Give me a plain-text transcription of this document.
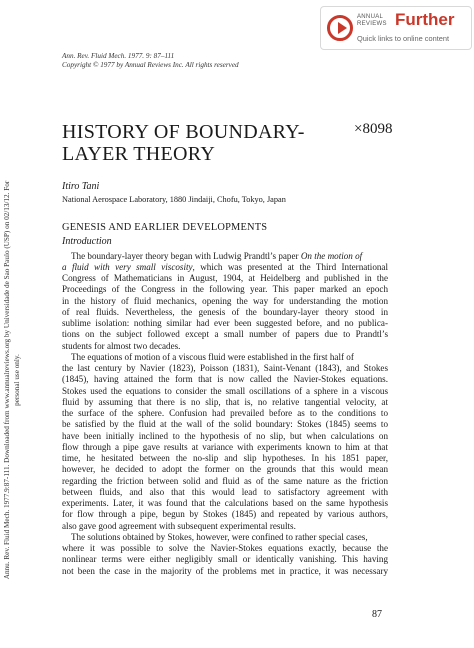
ANNUAL
REVIEWS Further
Quick links to online content
Ann. Rev. Fluid Mech. 1977. 9: 87–111
Copyright © 1977 by Annual Reviews Inc. All rights reserved
HISTORY OF BOUNDARY-LAYER THEORY
×8098
Itiro Tani
National Aerospace Laboratory, 1880 Jindaiji, Chofu, Tokyo, Japan
GENESIS AND EARLIER DEVELOPMENTS
Introduction
The boundary-layer theory began with Ludwig Prandtl’s paper On the motion of
a fluid with very small viscosity, which was presented at the Third International
Congress of Mathematicians in August, 1904, at Heidelberg and published in the
Proceedings of the Congress in the following year. This paper marked an epoch
in the history of fluid mechanics, opening the way for understanding the motion
of real fluids. Nevertheless, the genesis of the boundary-layer theory stood in
sublime isolation: nothing similar had ever been suggested before, and no publica-
tions on the subject followed except a small number of papers due to Prandtl’s
students for almost two decades.
The equations of motion of a viscous fluid were established in the first half of
the last century by Navier (1823), Poisson (1831), Saint-Venant (1843), and Stokes
(1845), having attained the form that is now called the Navier-Stokes equations.
Stokes used the equations to consider the small oscillations of a sphere in a viscous
fluid by assuming that there is no slip, that is, no relative tangential velocity, at
the surface of the sphere. Confusion had prevailed before as to the conditions to
be satisfied by the fluid at the wall of the solid boundary: Stokes (1845) seems to
have been initially inclined to the hypothesis of no slip, but when calculations on
flow through a pipe gave results at variance with experiments known to him at that
time, he hesitated between the no-slip and slip hypotheses. In his 1851 paper,
however, he decided to adopt the former on the grounds that this would mean
regarding the friction between solid and fluid as of the same nature as the friction
between fluids, and also that this would lead to satisfactory agreement with
experiments. Later, it was found that the calculations based on the same hypothesis
for flow through a pipe, begun by Stokes (1845) and repeated by various authors,
also gave good agreement with subsequent experimental results.
The solutions obtained by Stokes, however, were confined to rather special cases,
where it was possible to solve the Navier-Stokes equations exactly, because the
nonlinear terms were either negligibly small or identically vanishing. This having
not been the case in the majority of the problems met in practice, it was necessary
Annu. Rev. Fluid Mech. 1977.9:87-111. Downloaded from www.annualreviews.org by Universidade de Sao Paulo (USP) on 02/13/12. For personal use only.
87
